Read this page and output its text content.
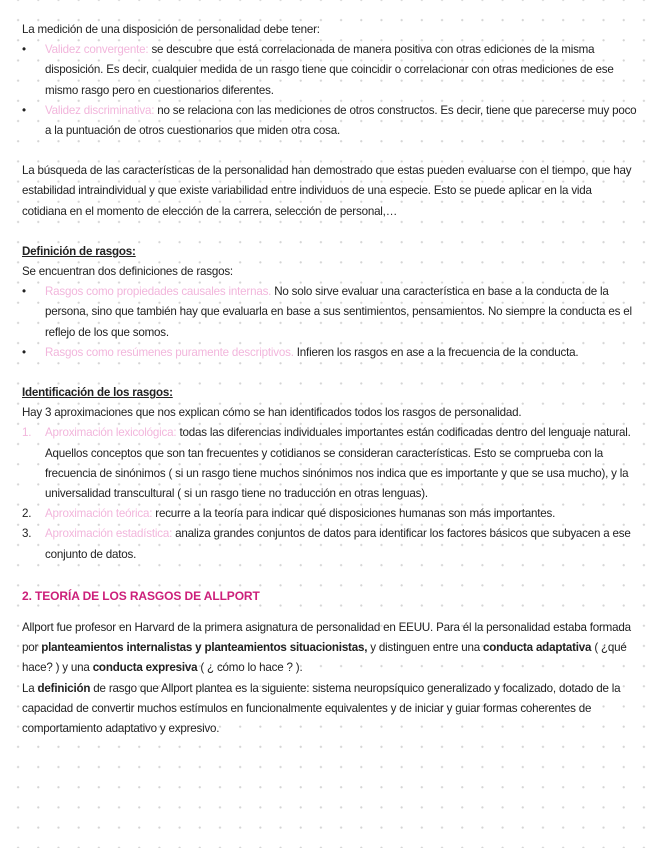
La medición de una disposición de personalidad debe tener:

• Validez convergente: se descubre que está correlacionada de manera positiva con otras ediciones de la misma disposición. Es decir, cualquier medida de un rasgo tiene que coincidir o correlacionar con otras mediciones de ese mismo rasgo pero en cuestionarios diferentes.
• Validez discriminativa: no se relaciona con las mediciones de otros constructos. Es decir, tiene que parecerse muy poco a la puntuación de otros cuestionarios que miden otra cosa.

La búsqueda de las características de la personalidad han demostrado que estas pueden evaluarse con el tiempo, que hay estabilidad intraindividual y que existe variabilidad entre individuos de una especie. Esto se puede aplicar en la vida cotidiana en el momento de elección de la carrera, selección de personal,…

Definición de rasgos:

Se encuentran dos definiciones de rasgos:

• Rasgos como propiedades causales internas. No solo sirve evaluar una característica en base a la conducta de la persona, sino que también hay que evaluarla en base a sus sentimientos, pensamientos. No siempre la conducta es el reflejo de los que somos.
• Rasgos como resúmenes puramente descriptivos. Infieren los rasgos en ase a la frecuencia de la conducta.

Identificación de los rasgos:

Hay 3 aproximaciones que nos explican cómo se han identificados todos los rasgos de personalidad.

1. Aproximación lexicológica: todas las diferencias individuales importantes están codificadas dentro del lenguaje natural. Aquellos conceptos que son tan frecuentes y cotidianos se consideran características. Esto se comprueba con la frecuencia de sinónimos ( si un rasgo tiene muchos sinónimos nos indica que es importante y que se usa mucho), y la universalidad transcultural ( si un rasgo tiene no traducción en otras lenguas).
2. Aproximación teórica: recurre a la teoría para indicar qué disposiciones humanas son más importantes.
3. Aproximación estadística: analiza grandes conjuntos de datos para identificar los factores básicos que subyacen a ese conjunto de datos.

2. TEORÍA DE LOS RASGOS DE ALLPORT

Allport fue profesor en Harvard de la primera asignatura de personalidad en EEUU. Para él la personalidad estaba formada por planteamientos internalistas y planteamientos situacionistas, y distinguen entre una conducta adaptativa ( ¿qué hace? ) y una conducta expresiva ( ¿ cómo lo hace ? ).

La definición de rasgo que Allport plantea es la siguiente: sistema neuropsíquico generalizado y focalizado, dotado de la capacidad de convertir muchos estímulos en funcionalmente equivalentes y de iniciar y guiar formas coherentes de comportamiento adaptativo y expresivo.
